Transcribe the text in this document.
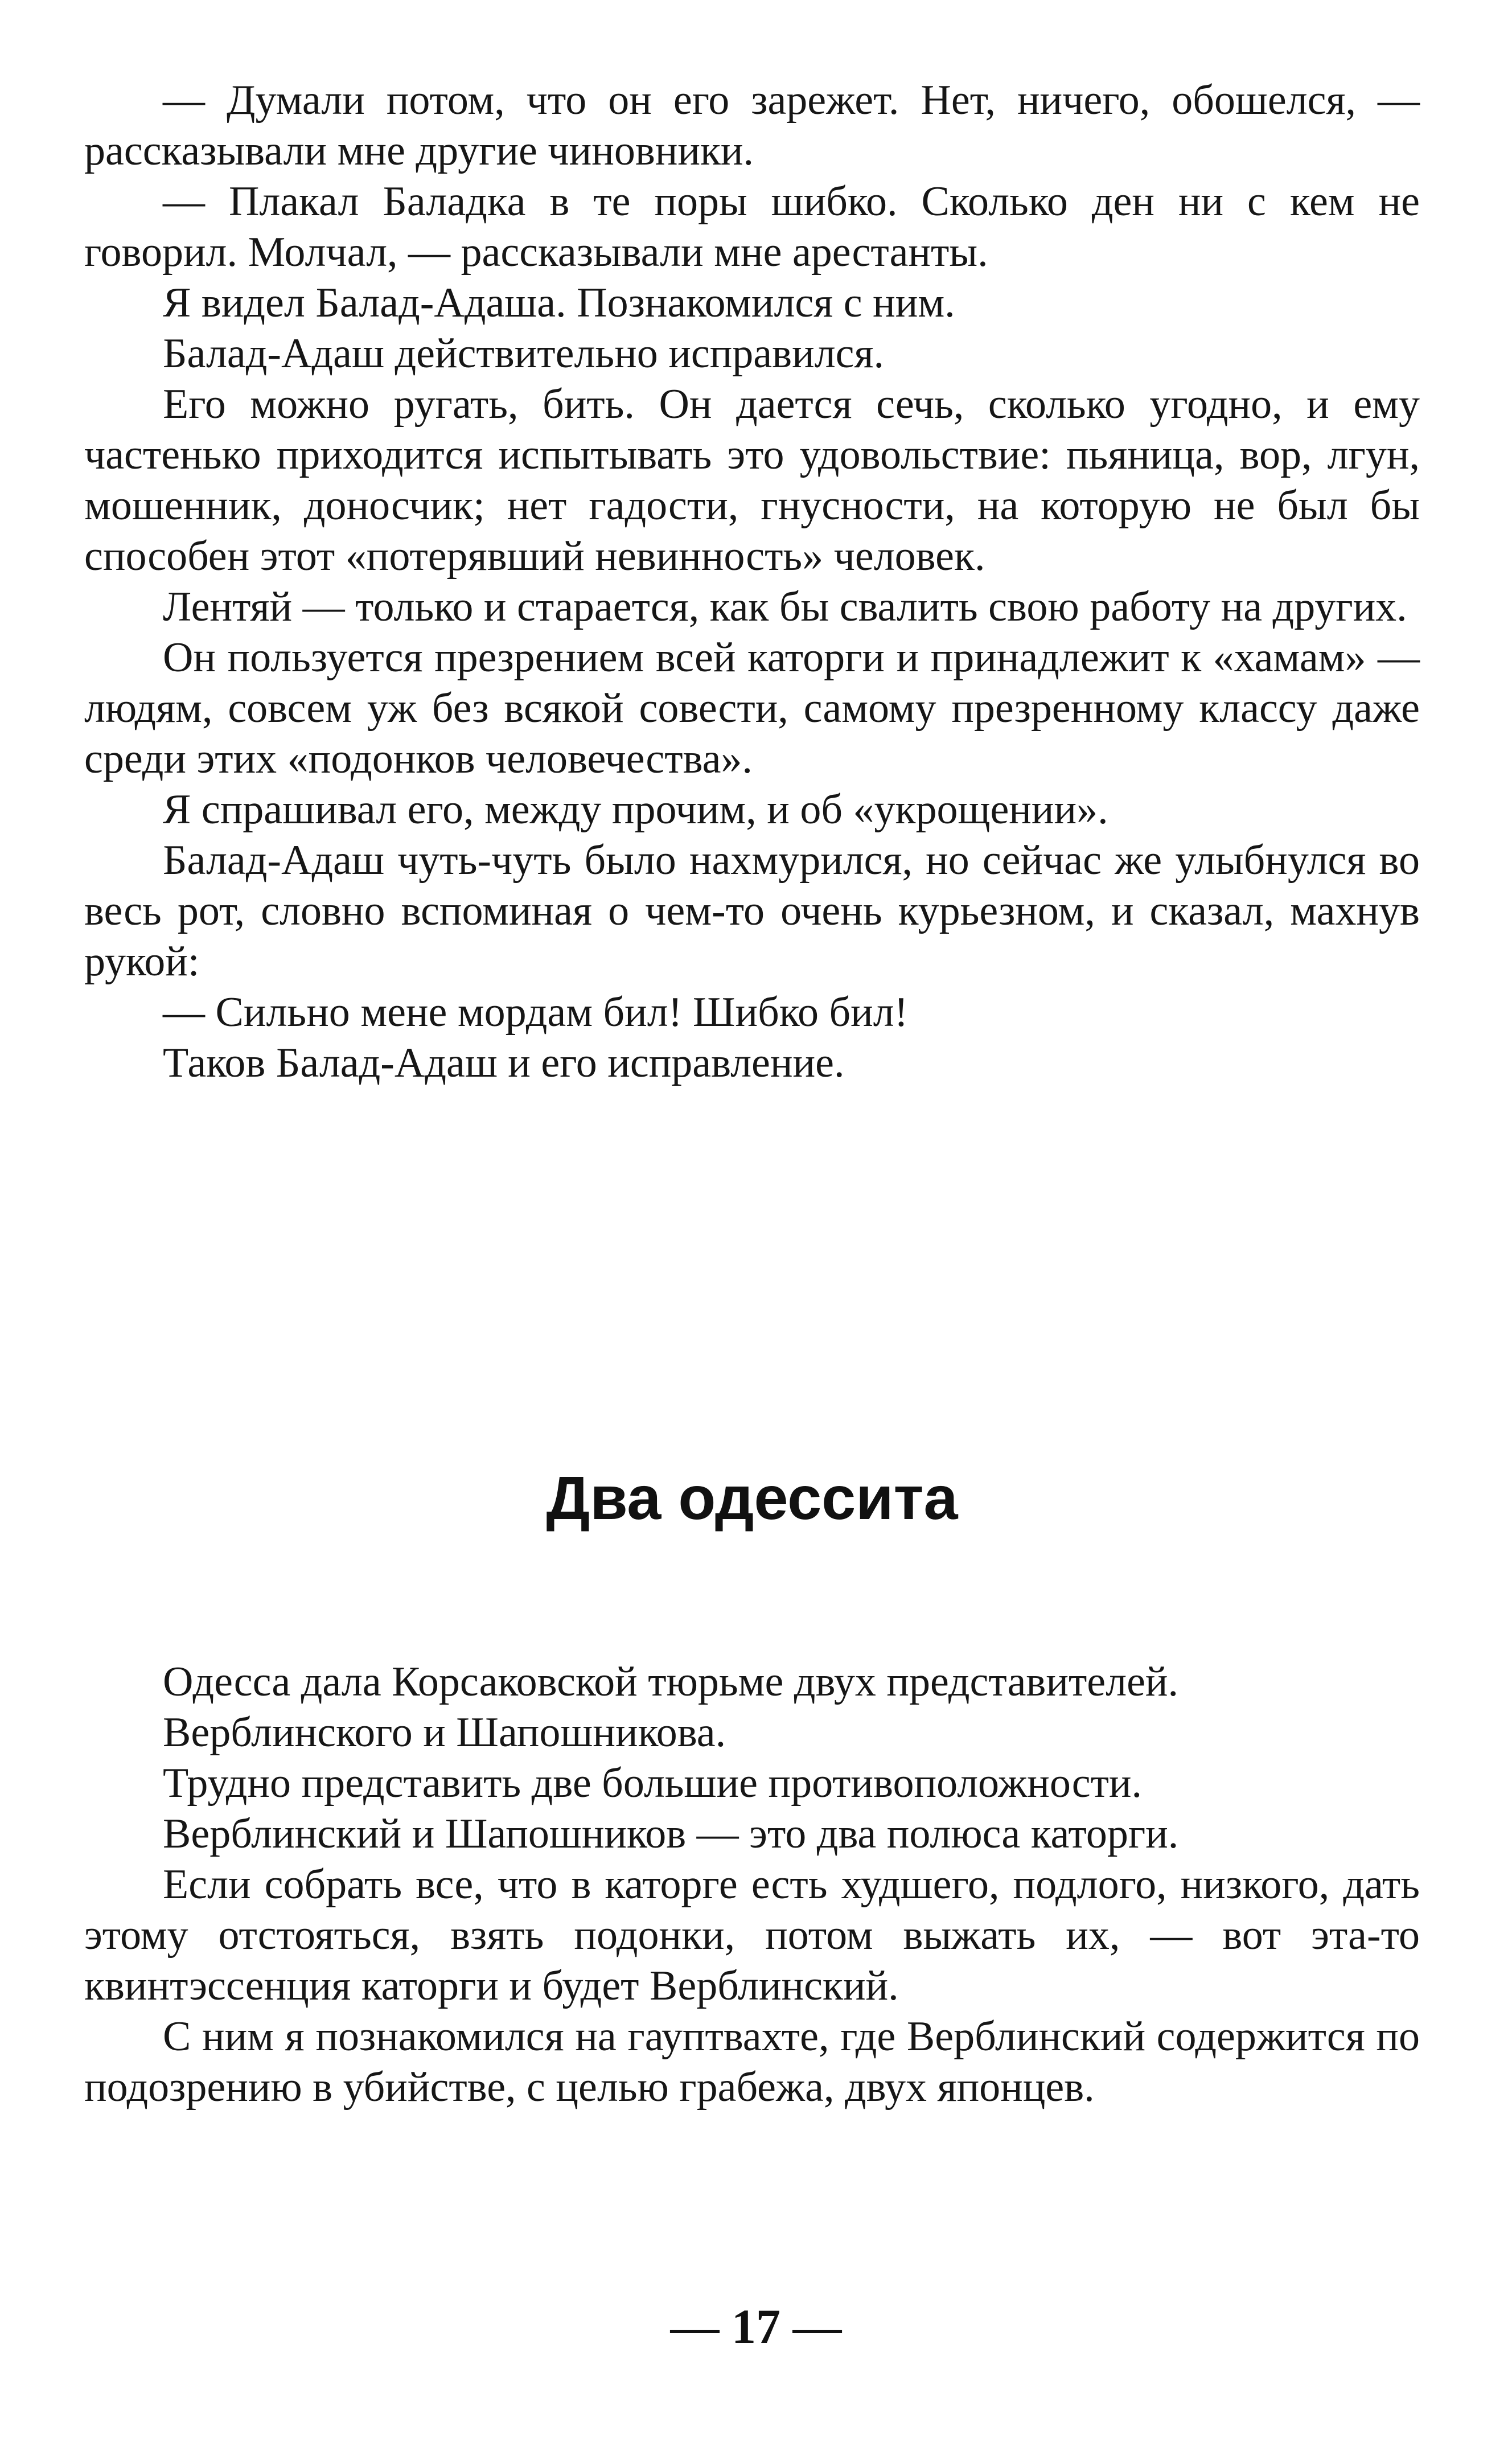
— Думали потом, что он его зарежет. Нет, ничего, обошелся, — рассказывали мне другие чиновники.

— Плакал Баладка в те поры шибко. Сколько ден ни с кем не говорил. Молчал, — рассказывали мне арестанты.

Я видел Балад-Адаша. Познакомился с ним.

Балад-Адаш действительно исправился.

Его можно ругать, бить. Он дается сечь, сколько угодно, и ему частенько приходится испытывать это удовольствие: пьяница, вор, лгун, мошенник, доносчик; нет гадости, гнусности, на которую не был бы способен этот «потерявший невинность» человек.

Лентяй — только и старается, как бы свалить свою работу на других.

Он пользуется презрением всей каторги и принадлежит к «хамам» — людям, совсем уж без всякой совести, самому презренному классу даже среди этих «подонков человечества».

Я спрашивал его, между прочим, и об «укрощении».

Балад-Адаш чуть-чуть было нахмурился, но сейчас же улыбнулся во весь рот, словно вспоминая о чем-то очень курьезном, и сказал, махнув рукой:

— Сильно мене мордам бил! Шибко бил!

Таков Балад-Адаш и его исправление.

Два одессита

Одесса дала Корсаковской тюрьме двух представителей.

Верблинского и Шапошникова.

Трудно представить две большие противоположности.

Верблинский и Шапошников — это два полюса каторги.

Если собрать все, что в каторге есть худшего, подлого, низкого, дать этому отстояться, взять подонки, потом выжать их, — вот эта-то квинтэссенция каторги и будет Верблинский.

С ним я познакомился на гауптвахте, где Верблинский содержится по подозрению в убийстве, с целью грабежа, двух японцев.

— 17 —
